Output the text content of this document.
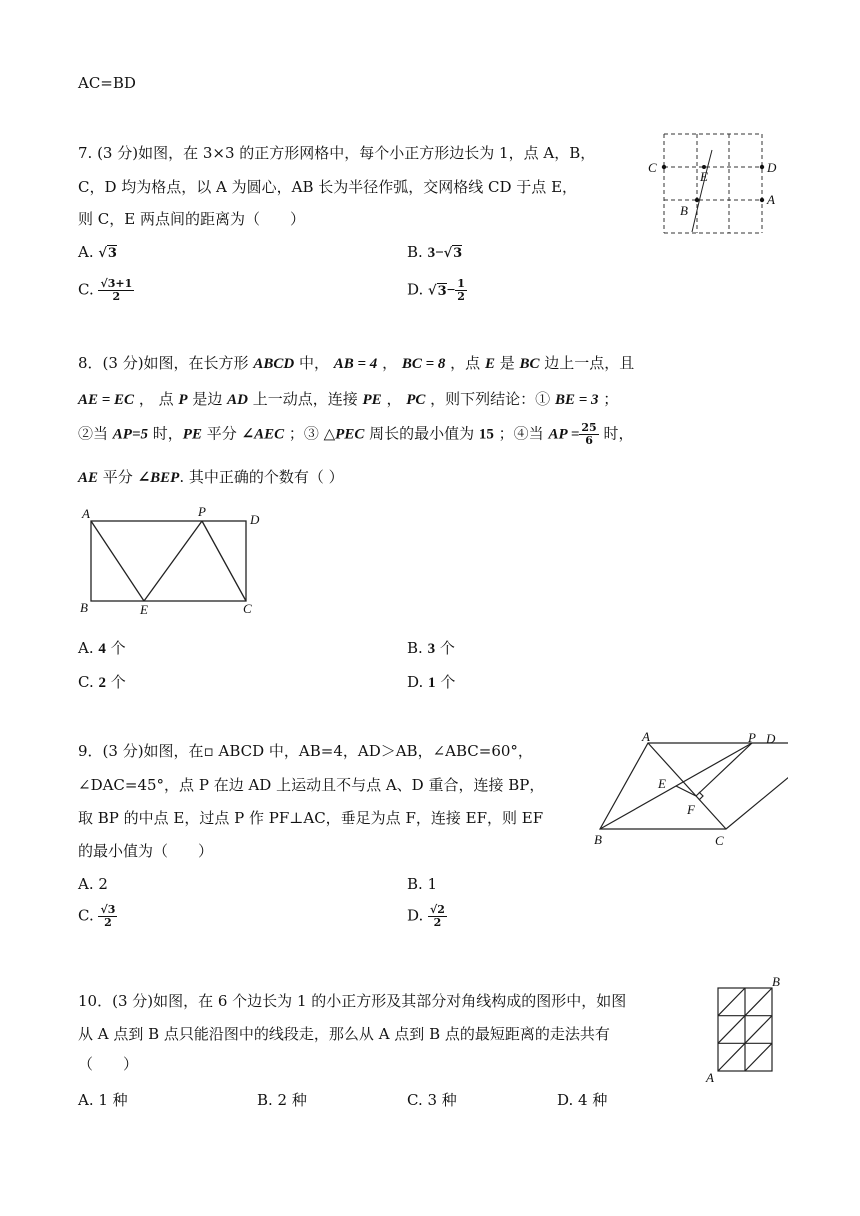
AC=BD
7. (3 分)如图，在 3×3 的正方形网格中，每个小正方形边长为 1，点 A，B，
C，D 均为格点，以 A 为圆心，AB 长为半径作弧，交网格线 CD 于点 E，
则 C，E 两点间的距离为（　　）
A. √3	B. 3−√3
C. $\frac{√3+1}{2}$	D. $√3- \frac{1}{2}$
C	D
E
B
A
8．(3 分)如图，在长方形 ABCD 中， AB = 4 ， BC = 8 ，点 E 是 BC 边上一点，且
AE = EC ， 点 P 是边 AD 上一动点，连接 PE ， PC ，则下列结论：① BE = 3 ；
②当 AP=5 时，PE 平分 ∠AEC ；③ △PEC 周长的最小值为 15 ；④当 AP = $\frac{25}{6}$ 时，
AE 平分 ∠BEP. 其中正确的个数有（ ）
A	P
D
B	E	C
A. 4 个	B. 3 个
C. 2 个	D. 1 个
9．(3 分)如图，在▫ ABCD 中，AB=4，AD＞AB，∠ABC=60°，
∠DAC=45°，点 P 在边 AD 上运动且不与点 A、D 重合，连接 BP，
取 BP 的中点 E，过点 P 作 PF⊥AC，垂足为点 F，连接 EF，则 EF
的最小值为（　　）
A. 2	B. 1
C. $\frac{√3}{2}$	D. $\frac{√2}{2}$
A	P D
E
F
B	C
10．(3 分)如图，在 6 个边长为 1 的小正方形及其部分对角线构成的图形中，如图
从 A 点到 B 点只能沿图中的线段走，那么从 A 点到 B 点的最短距离的走法共有
（　　）
A. 1 种	B. 2 种	C. 3 种	D. 4 种
B
A
